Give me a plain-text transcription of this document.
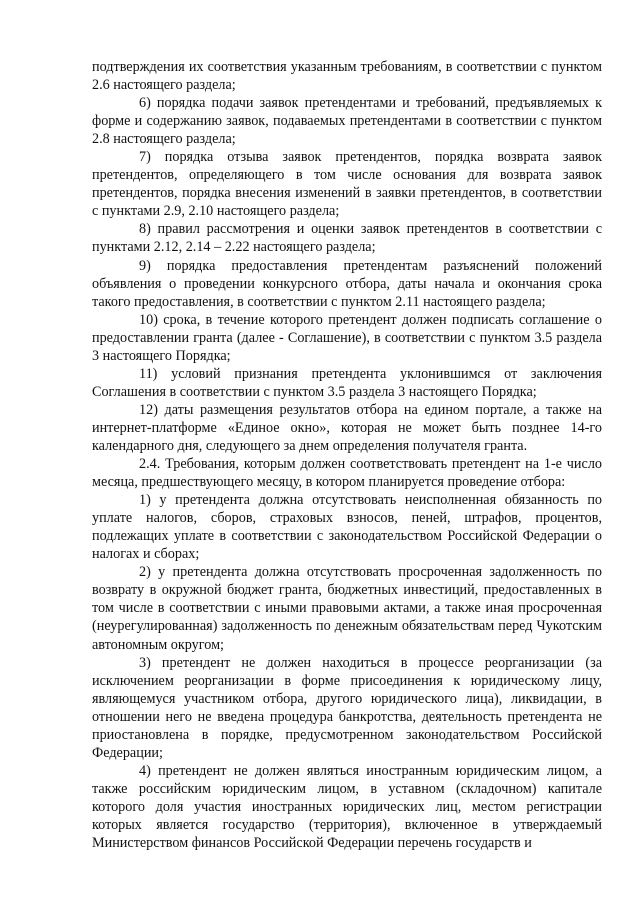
подтверждения их соответствия указанным требованиям, в соответствии с пунктом 2.6 настоящего раздела;

6) порядка подачи заявок претендентами и требований, предъявляемых к форме и содержанию заявок, подаваемых претендентами в соответствии с пунктом 2.8 настоящего раздела;

7) порядка отзыва заявок претендентов, порядка возврата заявок претендентов, определяющего в том числе основания для возврата заявок претендентов, порядка внесения изменений в заявки претендентов, в соответствии с пунктами 2.9, 2.10 настоящего раздела;

8) правил рассмотрения и оценки заявок претендентов в соответствии с пунктами 2.12, 2.14 – 2.22 настоящего раздела;

9) порядка предоставления претендентам разъяснений положений объявления о проведении конкурсного отбора, даты начала и окончания срока такого предоставления, в соответствии с пунктом 2.11 настоящего раздела;

10) срока, в течение которого претендент должен подписать соглашение о предоставлении гранта (далее - Соглашение), в соответствии с пунктом 3.5 раздела 3 настоящего Порядка;

11) условий признания претендента уклонившимся от заключения Соглашения в соответствии с пунктом 3.5 раздела 3 настоящего Порядка;

12) даты размещения результатов отбора на едином портале, а также на интернет-платформе «Единое окно», которая не может быть позднее 14-го календарного дня, следующего за днем определения получателя гранта.

2.4. Требования, которым должен соответствовать претендент на 1-е число месяца, предшествующего месяцу, в котором планируется проведение отбора:

1) у претендента должна отсутствовать неисполненная обязанность по уплате налогов, сборов, страховых взносов, пеней, штрафов, процентов, подлежащих уплате в соответствии с законодательством Российской Федерации о налогах и сборах;

2) у претендента должна отсутствовать просроченная задолженность по возврату в окружной бюджет гранта, бюджетных инвестиций, предоставленных в том числе в соответствии с иными правовыми актами, а также иная просроченная (неурегулированная) задолженность по денежным обязательствам перед Чукотским автономным округом;

3) претендент не должен находиться в процессе реорганизации (за исключением реорганизации в форме присоединения к юридическому лицу, являющемуся участником отбора, другого юридического лица), ликвидации, в отношении него не введена процедура банкротства, деятельность претендента не приостановлена в порядке, предусмотренном законодательством Российской Федерации;

4) претендент не должен являться иностранным юридическим лицом, а также российским юридическим лицом, в уставном (складочном) капитале которого доля участия иностранных юридических лиц, местом регистрации которых является государство (территория), включенное в утверждаемый Министерством финансов Российской Федерации перечень государств и
